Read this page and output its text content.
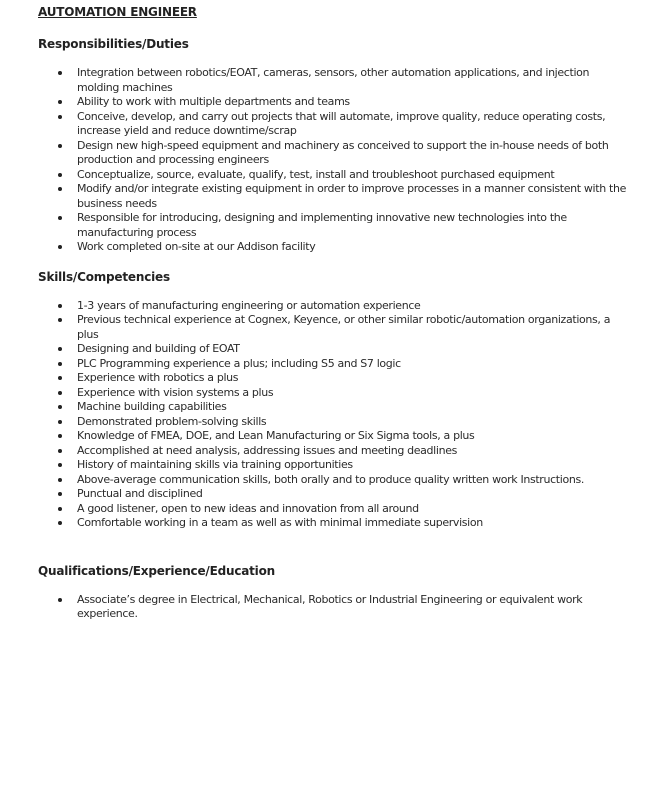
AUTOMATION ENGINEER

Responsibilities/Duties

Integration between robotics/EOAT, cameras, sensors, other automation applications, and injection molding machines
Ability to work with multiple departments and teams
Conceive, develop, and carry out projects that will automate, improve quality, reduce operating costs, increase yield and reduce downtime/scrap
Design new high-speed equipment and machinery as conceived to support the in-house needs of both production and processing engineers
Conceptualize, source, evaluate, qualify, test, install and troubleshoot purchased equipment
Modify and/or integrate existing equipment in order to improve processes in a manner consistent with the business needs
Responsible for introducing, designing and implementing innovative new technologies into the manufacturing process
Work completed on-site at our Addison facility

Skills/Competencies

1-3 years of manufacturing engineering or automation experience
Previous technical experience at Cognex, Keyence, or other similar robotic/automation organizations, a plus
Designing and building of EOAT
PLC Programming experience a plus; including S5 and S7 logic
Experience with robotics a plus
Experience with vision systems a plus
Machine building capabilities
Demonstrated problem-solving skills
Knowledge of FMEA, DOE, and Lean Manufacturing or Six Sigma tools, a plus
Accomplished at need analysis, addressing issues and meeting deadlines
History of maintaining skills via training opportunities
Above-average communication skills, both orally and to produce quality written work Instructions.
Punctual and disciplined
A good listener, open to new ideas and innovation from all around
Comfortable working in a team as well as with minimal immediate supervision

Qualifications/Experience/Education

Associate’s degree in Electrical, Mechanical, Robotics or Industrial Engineering or equivalent work experience.
